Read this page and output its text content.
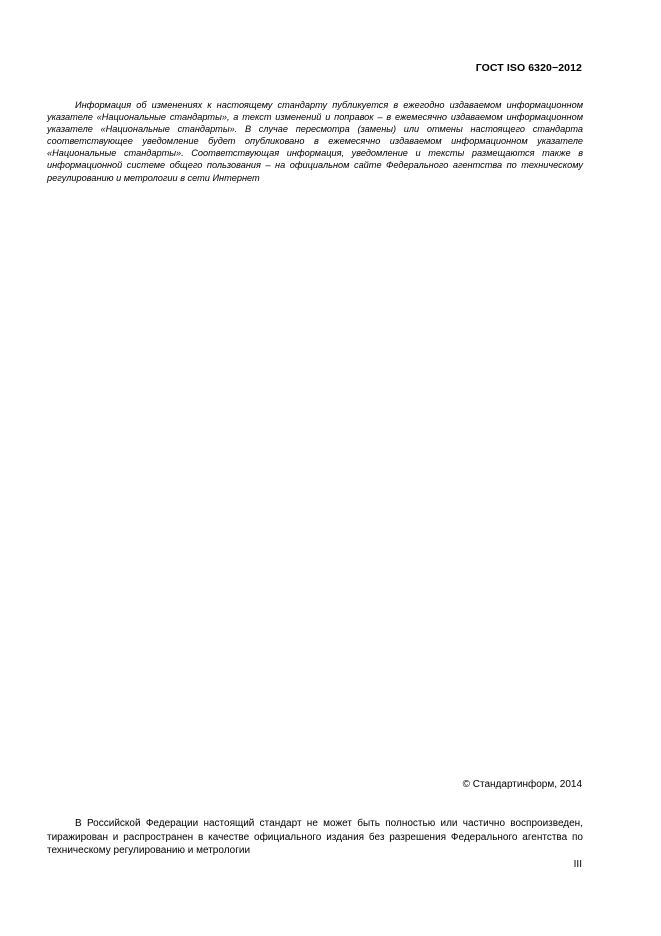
ГОСТ ISO 6320−2012

Информация об изменениях к настоящему стандарту публикуется в ежегодно издаваемом информационном указателе «Национальные стандарты», а текст изменений и поправок – в ежемесячно издаваемом информационном указателе «Национальные стандарты». В случае пересмотра (замены) или отмены настоящего стандарта соответствующее уведомление будет опубликовано в ежемесячно издаваемом информационном указателе «Национальные стандарты». Соответствующая информация, уведомление и тексты размещаются также в информационной системе общего пользования – на официальном сайте Федерального агентства по техническому регулированию и метрологии в сети Интернет

© Стандартинформ, 2014

В Российской Федерации настоящий стандарт не может быть полностью или частично воспроизведен, тиражирован и распространен в качестве официального издания без разрешения Федерального агентства по техническому регулированию и метрологии

III
